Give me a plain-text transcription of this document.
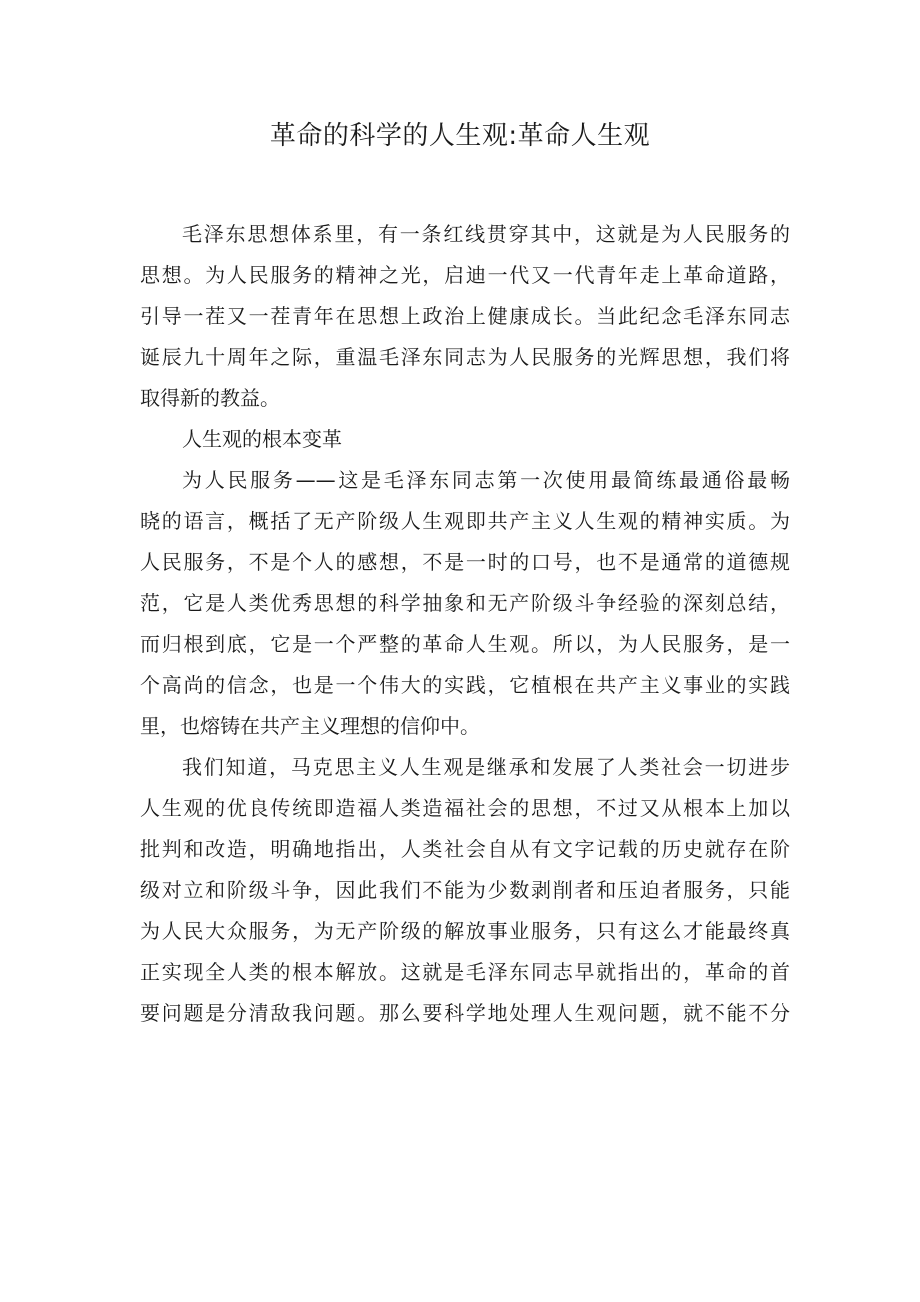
革命的科学的人生观:革命人生观
毛泽东思想体系里，有一条红线贯穿其中，这就是为人民服务的
思想。为人民服务的精神之光，启迪一代又一代青年走上革命道路，
引导一茬又一茬青年在思想上政治上健康成长。当此纪念毛泽东同志
诞辰九十周年之际，重温毛泽东同志为人民服务的光辉思想，我们将
取得新的教益。
人生观的根本变革
为人民服务——这是毛泽东同志第一次使用最简练最通俗最畅
晓的语言，概括了无产阶级人生观即共产主义人生观的精神实质。为
人民服务，不是个人的感想，不是一时的口号，也不是通常的道德规
范，它是人类优秀思想的科学抽象和无产阶级斗争经验的深刻总结，
而归根到底，它是一个严整的革命人生观。所以，为人民服务，是一
个高尚的信念，也是一个伟大的实践，它植根在共产主义事业的实践
里，也熔铸在共产主义理想的信仰中。
我们知道，马克思主义人生观是继承和发展了人类社会一切进步
人生观的优良传统即造福人类造福社会的思想，不过又从根本上加以
批判和改造，明确地指出，人类社会自从有文字记载的历史就存在阶
级对立和阶级斗争，因此我们不能为少数剥削者和压迫者服务，只能
为人民大众服务，为无产阶级的解放事业服务，只有这么才能最终真
正实现全人类的根本解放。这就是毛泽东同志早就指出的，革命的首
要问题是分清敌我问题。那么要科学地处理人生观问题，就不能不分
